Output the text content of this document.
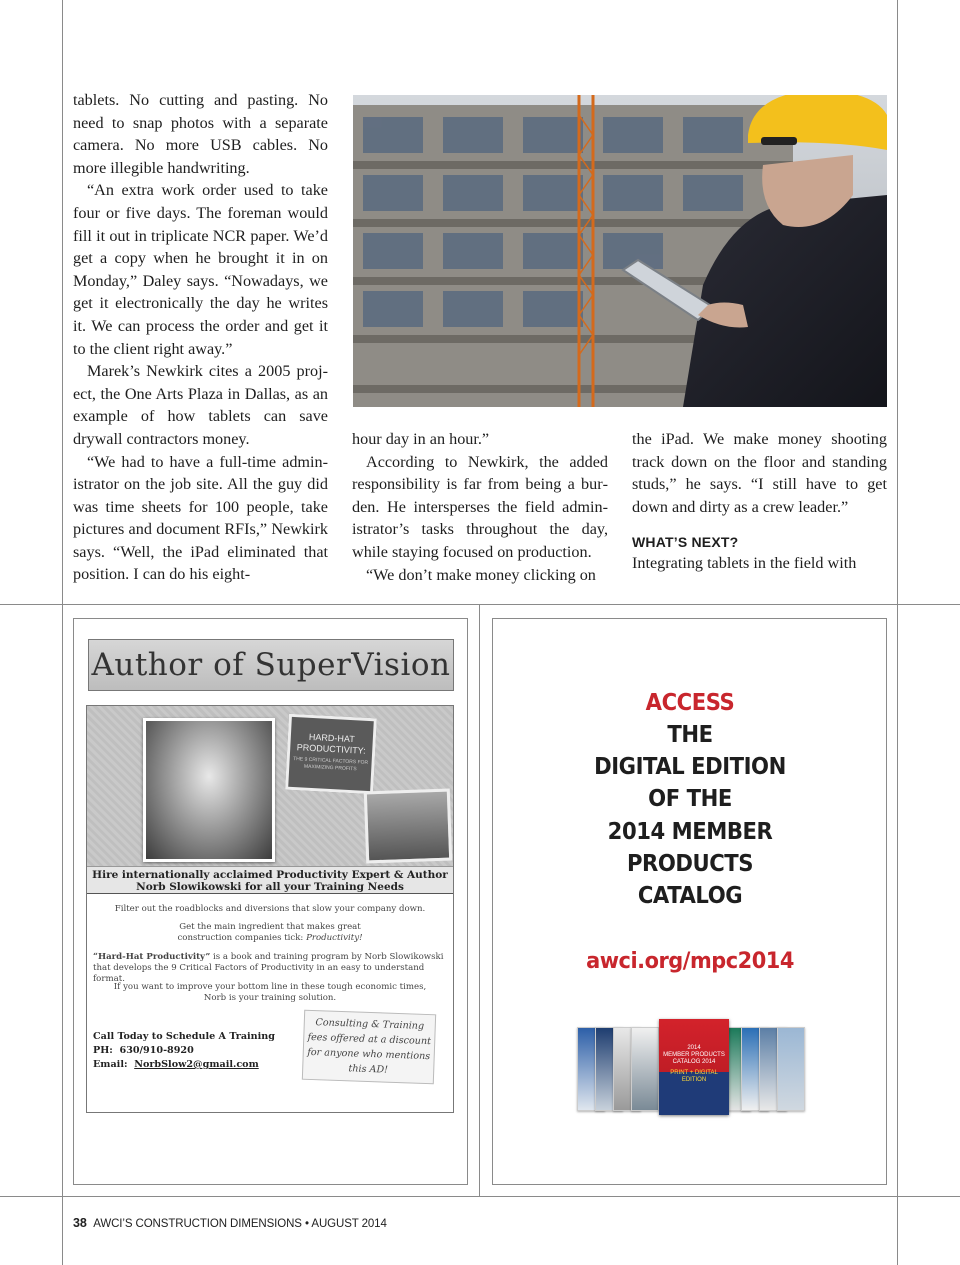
tablets. No cutting and pasting. No need to snap photos with a separate camera. No more USB cables. No more illegible handwriting.

“An extra work order used to take four or five days. The foreman would fill it out in triplicate NCR paper. We’d get a copy when he brought it in on Monday,” Daley says. “Nowadays, we get it electronically the day he writes it. We can process the order and get it to the client right away.”

Marek’s Newkirk cites a 2005 project, the One Arts Plaza in Dallas, as an example of how tablets can save drywall contractors money.

“We had to have a full-time administrator on the job site. All the guy did was time sheets for 100 people, take pictures and document RFIs,” Newkirk says. “Well, the iPad eliminated that position. I can do his eight-

hour day in an hour.”

According to Newkirk, the added responsibility is far from being a burden. He intersperses the field administrator’s tasks throughout the day, while staying focused on production.

“We don’t make money clicking on

the iPad. We make money shooting track down on the floor and standing studs,” he says. “I still have to get down and dirty as a crew leader.”

WHAT’S NEXT?

Integrating tablets in the field with

Author of SuperVision
HARD-HAT PRODUCTIVITY:
THE 9 CRITICAL FACTORS FOR MAXIMIZING PROFITS
Hire internationally acclaimed Productivity Expert & Author
Norb Slowikowski for all your Training Needs
Filter out the roadblocks and diversions that slow your company down.
Get the main ingredient that makes great
construction companies tick: Productivity!
“Hard-Hat Productivity” is a book and training program by Norb Slowikowski that develops the 9 Critical Factors of Productivity in an easy to understand format.
If you want to improve your bottom line in these tough economic times,
Norb is your training solution.
Call Today to Schedule A Training
PH: 630/910-8920
Email: NorbSlow2@gmail.com
Consulting & Training fees offered at a discount for anyone who mentions this AD!
ACCESS
THE
DIGITAL EDITION
OF THE
2014 MEMBER
PRODUCTS
CATALOG
awci.org/mpc2014
2014
MEMBER PRODUCTS
CATALOG 2014
PRINT + DIGITAL EDITION
38 AWCI’S CONSTRUCTION DIMENSIONS • AUGUST 2014
